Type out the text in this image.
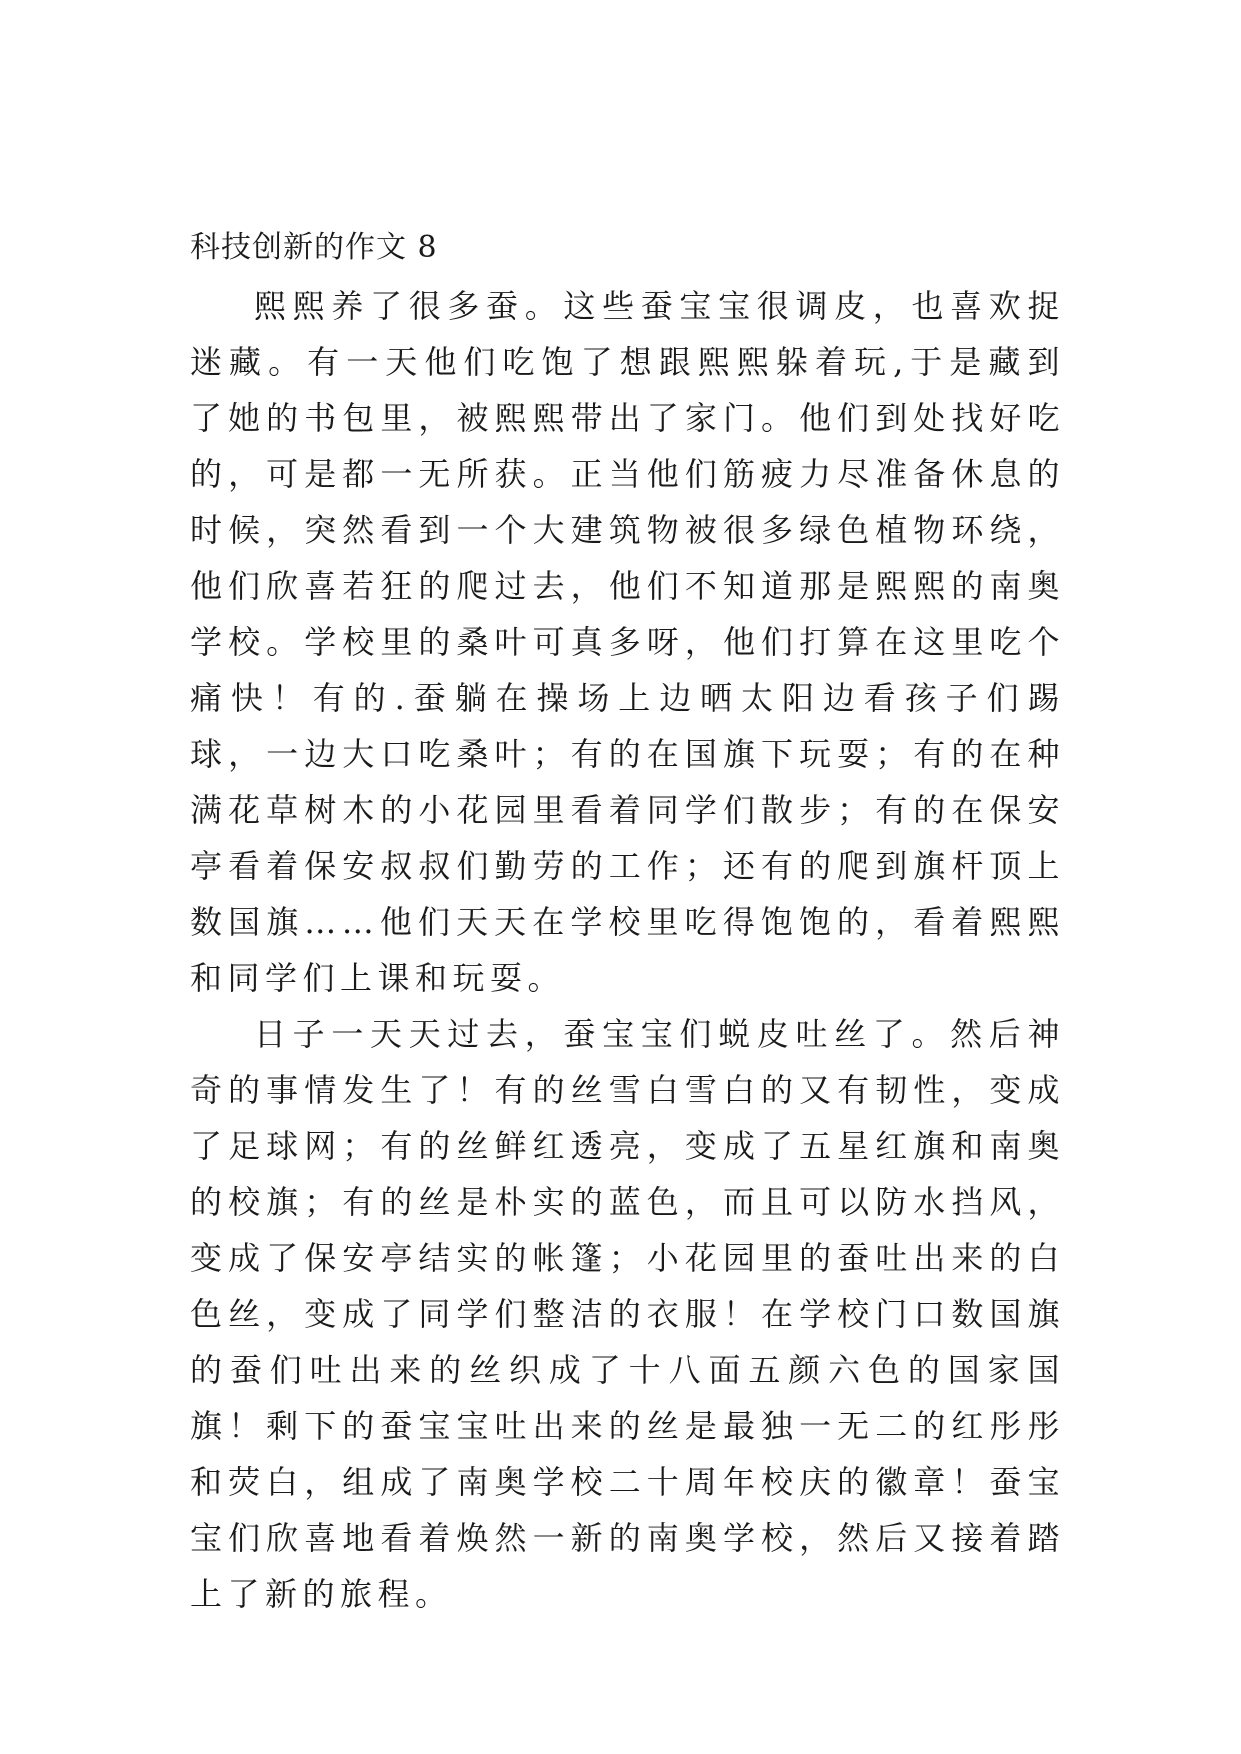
科技创新的作文 8

熙熙养了很多蚕。这些蚕宝宝很调皮，也喜欢捉迷藏。有一天他们吃饱了想跟熙熙躲着玩,于是藏到了她的书包里，被熙熙带出了家门。他们到处找好吃的，可是都一无所获。正当他们筋疲力尽准备休息的时候，突然看到一个大建筑物被很多绿色植物环绕，他们欣喜若狂的爬过去，他们不知道那是熙熙的南奥学校。学校里的桑叶可真多呀，他们打算在这里吃个痛快！有的.蚕躺在操场上边晒太阳边看孩子们踢球，一边大口吃桑叶；有的在国旗下玩耍；有的在种满花草树木的小花园里看着同学们散步；有的在保安亭看着保安叔叔们勤劳的工作；还有的爬到旗杆顶上数国旗……他们天天在学校里吃得饱饱的，看着熙熙和同学们上课和玩耍。

日子一天天过去，蚕宝宝们蜕皮吐丝了。然后神奇的事情发生了！有的丝雪白雪白的又有韧性，变成了足球网；有的丝鲜红透亮，变成了五星红旗和南奥的校旗；有的丝是朴实的蓝色，而且可以防水挡风，变成了保安亭结实的帐篷；小花园里的蚕吐出来的白色丝，变成了同学们整洁的衣服！在学校门口数国旗的蚕们吐出来的丝织成了十八面五颜六色的国家国旗！剩下的蚕宝宝吐出来的丝是最独一无二的红彤彤和荧白，组成了南奥学校二十周年校庆的徽章！蚕宝宝们欣喜地看着焕然一新的南奥学校，然后又接着踏上了新的旅程。
